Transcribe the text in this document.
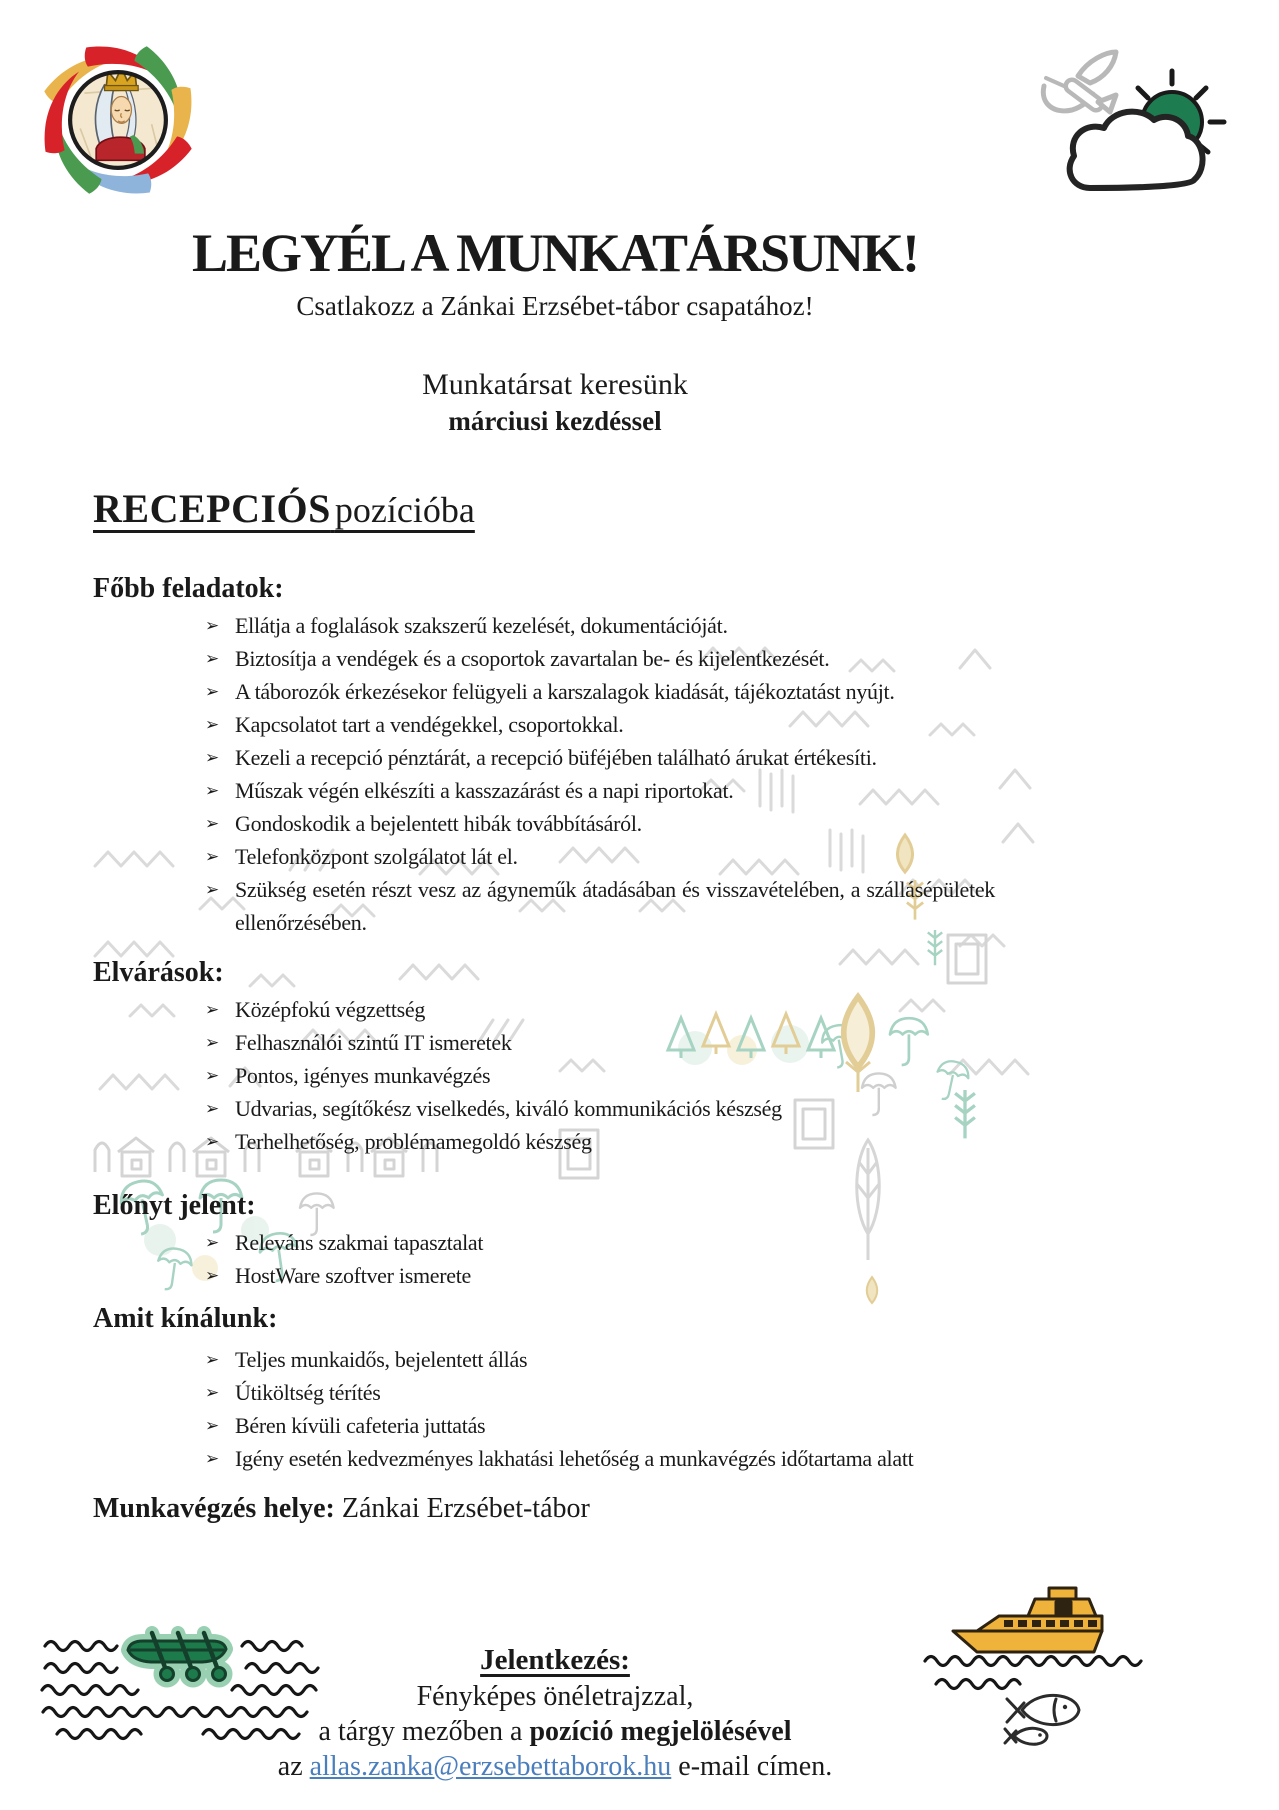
LEGYÉL A MUNKATÁRSUNK!
Csatlakozz a Zánkai Erzsébet-tábor csapatához!
Munkatársat keresünk
márciusi kezdéssel
RECEPCIÓS pozícióba
Főbb feladatok:
➢ Ellátja a foglalások szakszerű kezelését, dokumentációját.
➢ Biztosítja a vendégek és a csoportok zavartalan be- és kijelentkezését.
➢ A táborozók érkezésekor felügyeli a karszalagok kiadását, tájékoztatást nyújt.
➢ Kapcsolatot tart a vendégekkel, csoportokkal.
➢ Kezeli a recepció pénztárát, a recepció büféjében található árukat értékesíti.
➢ Műszak végén elkészíti a kasszazárást és a napi riportokat.
➢ Gondoskodik a bejelentett hibák továbbításáról.
➢ Telefonközpont szolgálatot lát el.
➢ Szükség esetén részt vesz az ágyneműk átadásában és visszavételében, a szállásépületek ellenőrzésében.
Elvárások:
➢ Középfokú végzettség
➢ Felhasználói szintű IT ismeretek
➢ Pontos, igényes munkavégzés
➢ Udvarias, segítőkész viselkedés, kiváló kommunikációs készség
➢ Terhelhetőség, problémamegoldó készség
Előnyt jelent:
➢ Releváns szakmai tapasztalat
➢ HostWare szoftver ismerete
Amit kínálunk:
➢ Teljes munkaidős, bejelentett állás
➢ Útiköltség térítés
➢ Béren kívüli cafeteria juttatás
➢ Igény esetén kedvezményes lakhatási lehetőség a munkavégzés időtartama alatt

Munkavégzés helye: Zánkai Erzsébet-tábor

Jelentkezés:
Fényképes önéletrajzzal,
a tárgy mezőben a pozíció megjelölésével
az allas.zanka@erzsebettaborok.hu e-mail címen.
